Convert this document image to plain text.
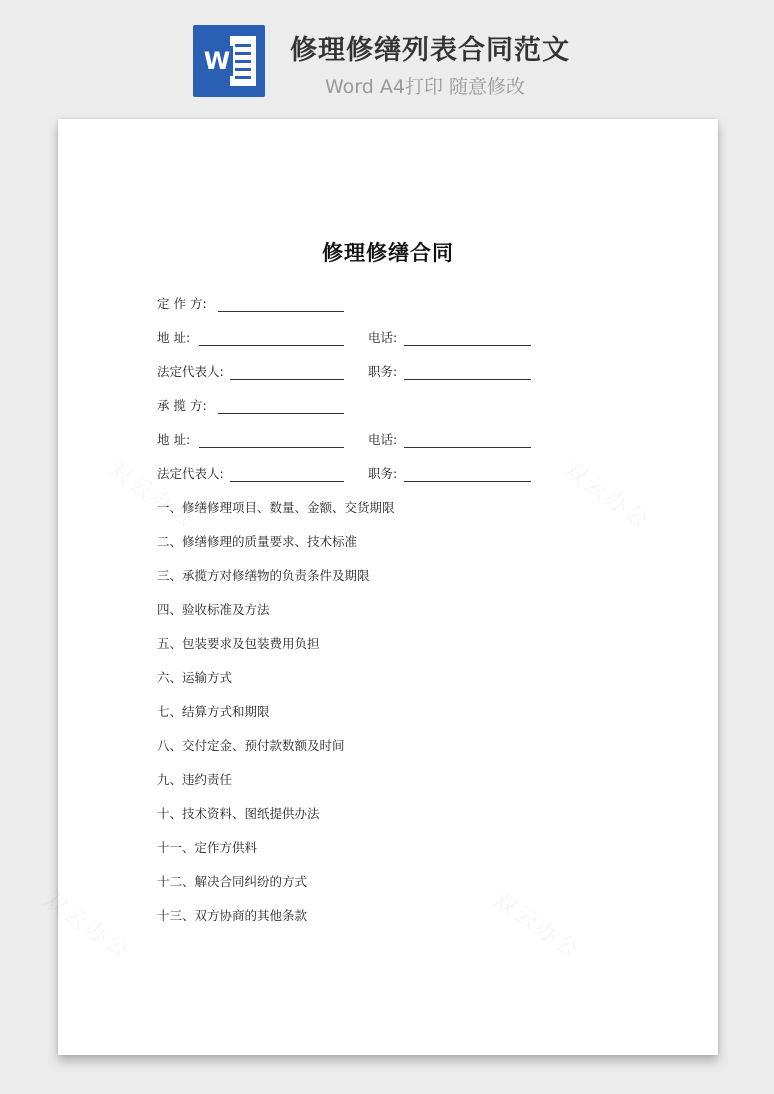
W 修理修缮列表合同范文
Word A4打印 随意修改
修理修缮合同
定 作 方:
地 址:	电话:
法定代表人:	职务:
承 揽 方:
地 址:	电话:
法定代表人:	职务:
一、修缮修理项目、数量、金额、交货期限
二、修缮修理的质量要求、技术标准
三、承揽方对修缮物的负责条件及期限
四、验收标准及方法
五、包装要求及包装费用负担
六、运输方式
七、结算方式和期限
八、交付定金、预付款数额及时间
九、违约责任
十、技术资料、图纸提供办法
十一、定作方供料
十二、解决合同纠纷的方式
十三、双方协商的其他条款
